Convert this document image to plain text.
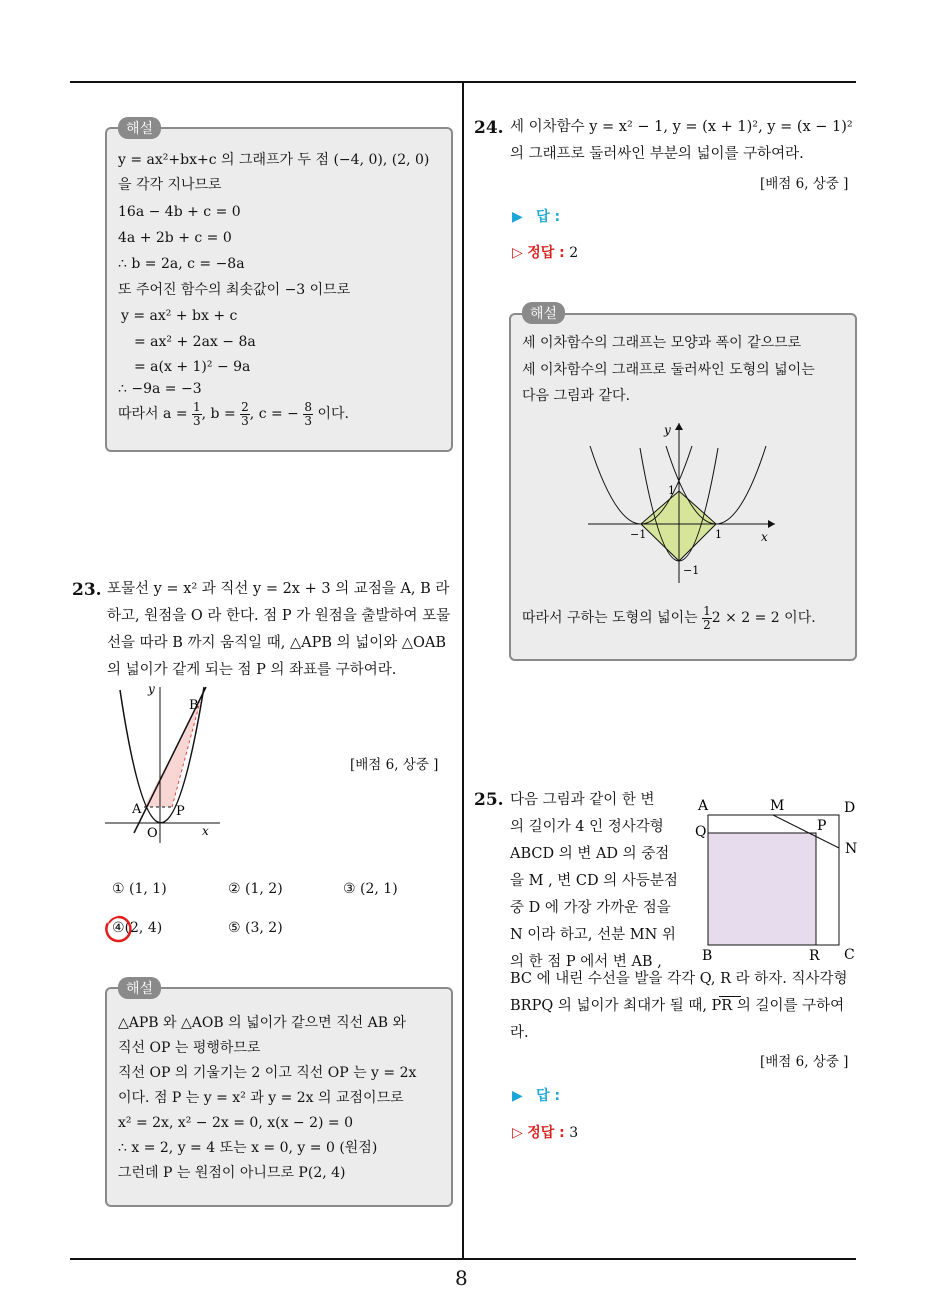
8
해설
y = ax²+bx+c 의 그래프가 두 점 (−4, 0), (2, 0)
을 각각 지나므로
16a − 4b + c = 0
4a + 2b + c = 0
∴ b = 2a, c = −8a
또 주어진 함수의 최솟값이 −3 이므로
y = ax² + bx + c
= ax² + 2ax − 8a
= a(x + 1)² − 9a
∴ −9a = −3
따라서 $a = \frac{1}{3}$ , $b = \frac{2}{3}$ , c = − $\frac{8}{3}$ 이다.
23. 포물선 y = x² 과 직선 y = 2x + 3 의 교점을 A, B 라
하고, 원점을 O 라 한다. 점 P 가 원점을 출발하여 포물
선을 따라 B 까지 움직일 때, △APB 의 넓이와 △OAB
의 넓이가 같게 되는 점 P 의 좌표를 구하여라.
y
x
O
A
B
P
[배점 6, 상중 ]
① (1, 1)	② (1, 2)	③ (2, 1)
④(2, 4)	⑤ (3, 2)
해설
△APB 와 △AOB 의 넓이가 같으면 직선 AB 와
직선 OP 는 평행하므로
직선 OP 의 기울기는 2 이고 직선 OP 는 y = 2x
이다. 점 P 는 y = x² 과 y = 2x 의 교점이므로
x² = 2x, x² − 2x = 0, x(x − 2) = 0
∴ x = 2, y = 4 또는 x = 0, y = 0 (원점)
그런데 P 는 원점이 아니므로 P(2, 4)
24. 세 이차함수 y = x² − 1, y = (x + 1)², y = (x − 1)²
의 그래프로 둘러싸인 부분의 넓이를 구하여라.
[배점 6, 상중 ]
▶ 답 :
▷ 정답 : 2
해설
세 이차함수의 그래프는 모양과 폭이 같으므로
세 이차함수의 그래프로 둘러싸인 도형의 넓이는
다음 그림과 같다.
y
x
1
1
−1
−1
따라서 구하는 도형의 넓이는 $\frac{1}{2} 2 \times 2 = 2$ 이다.
25. 다음 그림과 같이 한 변
의 길이가 4 인 정사각형
ABCD 의 변 AD 의 중점
을 M , 변 CD 의 사등분점
중 D 에 가장 가까운 점을
N 이라 하고, 선분 MN 위
의 한 점 P 에서 변 AB ,
BC 에 내린 수선을 발을 각각 Q, R 라 하자. 직사각형
BRPQ 의 넓이가 최대가 될 때, PR 의 길이를 구하여
라.
A	M	D
Q	P
N
B	R C
[배점 6, 상중 ]
▶ 답 :
▷ 정답 : 3
